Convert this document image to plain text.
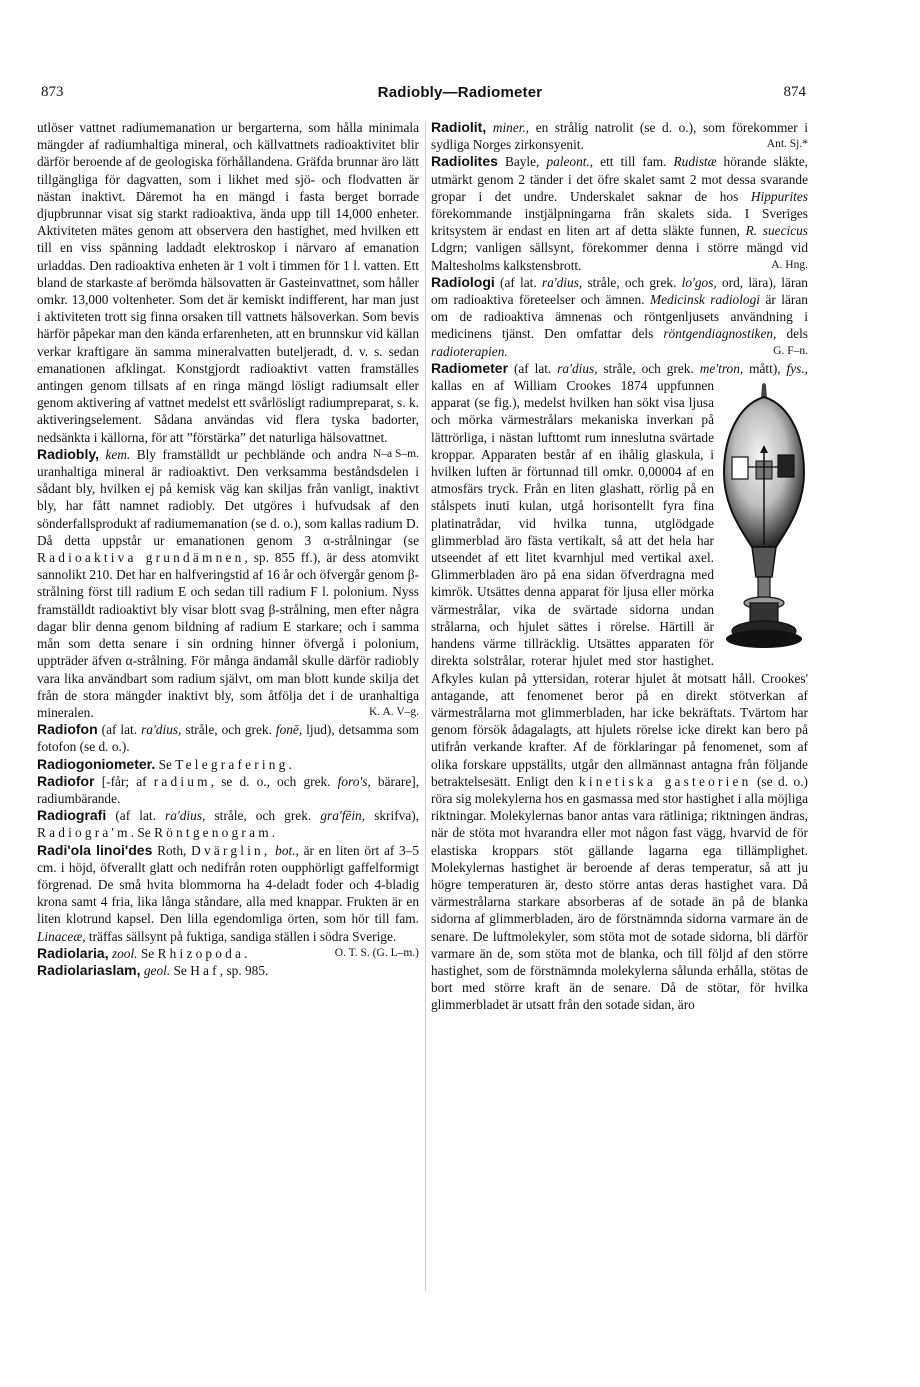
873	Radiobly—Radiometer	874

utlöser vattnet radiumemanation ur bergarterna, som hålla minimala mängder af radiumhaltiga mineral, och källvattnets radioaktivitet blir därför beroende af de geologiska förhållandena. Gräfda brunnar äro lätt tillgängliga för dagvatten, som i likhet med sjö- och flodvatten är nästan inaktivt. Däremot ha en mängd i fasta berget borrade djupbrunnar visat sig starkt radioaktiva, ända upp till 14,000 enheter. Aktiviteten mätes genom att observera den hastighet, med hvilken ett till en viss spänning laddadt elektroskop i närvaro af emanation urladdas. Den radioaktiva enheten är 1 volt i timmen för 1 l. vatten. Ett bland de starkaste af berömda hälsovatten är Gasteinvattnet, som håller omkr. 13,000 voltenheter. Som det är kemiskt indifferent, har man just i aktiviteten trott sig finna orsaken till vattnets hälsoverkan. Som bevis härför påpekar man den kända erfarenheten, att en brunnskur vid källan verkar kraftigare än samma mineralvatten buteljeradt, d. v. s. sedan emanationen afklingat. Konstgjordt radioaktivt vatten framställes antingen genom tillsats af en ringa mängd lösligt radiumsalt eller genom aktivering af vattnet medelst ett svårlösligt radiumpreparat, s. k. aktiveringselement. Sådana användas vid flera tyska badorter, nedsänkta i källorna, för att ”förstärka” det naturliga hälsovattnet.
N–a S–m.

Radiobly, kem. Bly framställdt ur pechblände och andra uranhaltiga mineral är radioaktivt. Den verksamma beståndsdelen i sådant bly, hvilken ej på kemisk väg kan skiljas från vanligt, inaktivt bly, har fått namnet radiobly. Det utgöres i hufvudsak af den sönderfallsprodukt af radiumemanation (se d. o.), som kallas radium D. Då detta uppstår ur emanationen genom 3 α-strålningar (se Radioaktiva grundämnen, sp. 855 ff.), är dess atomvikt sannolikt 210. Det har en halfveringstid af 16 år och öfvergår genom β-strålning först till radium E och sedan till radium F l. polonium. Nyss framställdt radioaktivt bly visar blott svag β-strålning, men efter några dagar blir denna genom bildning af radium E starkare; och i samma mån som detta senare i sin ordning hinner öfvergå i polonium, uppträder äfven α-strålning. För många ändamål skulle därför radiobly vara lika användbart som radium självt, om man blott kunde skilja det från de stora mängder inaktivt bly, som åtfölja det i de uranhaltiga mineralen.	K. A. V–g.

Radiofon (af lat. ra'dius, stråle, och grek. fonē, ljud), detsamma som fotofon (se d. o.).

Radiogoniometer. Se Telegrafering.

Radiofor [-får; af radium, se d. o., och grek. foro's, bärare], radiumbärande.

Radiografi (af lat. ra'dius, stråle, och grek. gra'fēin, skrifva), Radiogra'm. Se Röntgenogram.

Radi'ola linoi'des Roth, Dvärglin, bot., är en liten ört af 3–5 cm. i höjd, öfverallt glatt och nedifrån roten oupphörligt gaffelformigt förgrenad. De små hvita blommorna ha 4-deladt foder och 4-bladig krona samt 4 fria, lika långa ståndare, alla med knappar. Frukten är en liten klotrund kapsel. Den lilla egendomliga örten, som hör till fam. Linaceæ, träffas sällsynt på fuktiga, sandiga ställen i södra Sverige.
O. T. S. (G. L–m.)

Radiolaria, zool. Se Rhizopoda.

Radiolariaslam, geol. Se Haf, sp. 985.

Radiolit, miner., en strålig natrolit (se d. o.), som förekommer i sydliga Norges zirkonsyenit.	Ant. Sj.*

Radiolites Bayle, paleont., ett till fam. Rudistæ hörande släkte, utmärkt genom 2 tänder i det öfre skalet samt 2 mot dessa svarande gropar i det undre. Underskalet saknar de hos Hippurites förekommande instjälpningarna från skalets sida. I Sveriges kritsystem är endast en liten art af detta släkte funnen, R. suecicus Ldgrn; vanligen sällsynt, förekommer denna i större mängd vid Maltesholms kalkstensbrott.	A. Hng.

Radiologi (af lat. ra'dius, stråle, och grek. lo'gos, ord, lära), läran om radioaktiva företeelser och ämnen. Medicinsk radiologi är läran om de radioaktiva ämnenas och röntgenljusets användning i medicinens tjänst. Den omfattar dels röntgendiagnostiken, dels radioterapien.	G. F–n.

Radiometer (af lat. ra'dius, stråle, och grek. me'tron, mått), fys.,
kallas en af William Crookes 1874 uppfunnen apparat (se fig.), medelst hvilken han sökt visa ljusa och mörka värmestrålars mekaniska inverkan på lättrörliga, i nästan lufttomt rum inneslutna svärtade kroppar. Apparaten består af en ihålig glaskula, i hvilken luften är förtunnad till omkr. 0,00004 af en atmosfärs tryck. Från en liten glashatt, rörlig på en stålspets inuti kulan, utgå horisontellt fyra fina platinatrådar, vid hvilka tunna, utglödgade glimmerblad äro fästa vertikalt, så att det hela har utseendet af ett litet kvarnhjul med vertikal axel. Glimmerbladen äro på ena sidan öfverdragna med kimrök. Utsättes denna apparat för ljusa eller mörka värmestrålar, vika de svärtade sidorna undan strålarna, och hjulet sättes i rörelse. Härtill är handens värme tillräcklig. Utsättes apparaten för direkta solstrålar, roterar hjulet med stor hastighet. Afkyles kulan på yttersidan, roterar hjulet åt motsatt håll. Crookes' antagande, att fenomenet beror på en direkt stötverkan af värmestrålarna mot glimmerbladen, har icke bekräftats. Tvärtom har genom försök ådagalagts, att hjulets rörelse icke direkt kan bero på utifrån verkande krafter. Af de förklaringar på fenomenet, som af olika forskare uppställts, utgår den allmännast antagna från följande betraktelsesätt. Enligt den kinetiska gasteorien (se d. o.) röra sig molekylerna hos en gasmassa med stor hastighet i alla möjliga riktningar. Molekylernas banor antas vara rätliniga; riktningen ändras, när de stöta mot hvarandra eller mot någon fast vägg, hvarvid de för elastiska kroppars stöt gällande lagarna ega tillämplighet. Molekylernas hastighet är beroende af deras temperatur, så att ju högre temperaturen är, desto större antas deras hastighet vara. Då värmestrålarna starkare absorberas af de sotade än på de blanka sidorna af glimmerbladen, äro de förstnämnda sidorna varmare än de senare. De luftmolekyler, som stöta mot de sotade sidorna, bli därför varmare än de, som stöta mot de blanka, och till följd af den större hastighet, som de förstnämnda molekylerna sålunda erhålla, stötas de bort med större kraft än de senare. Då de stötar, för hvilka glimmerbladet är utsatt från den sotade sidan, äro
